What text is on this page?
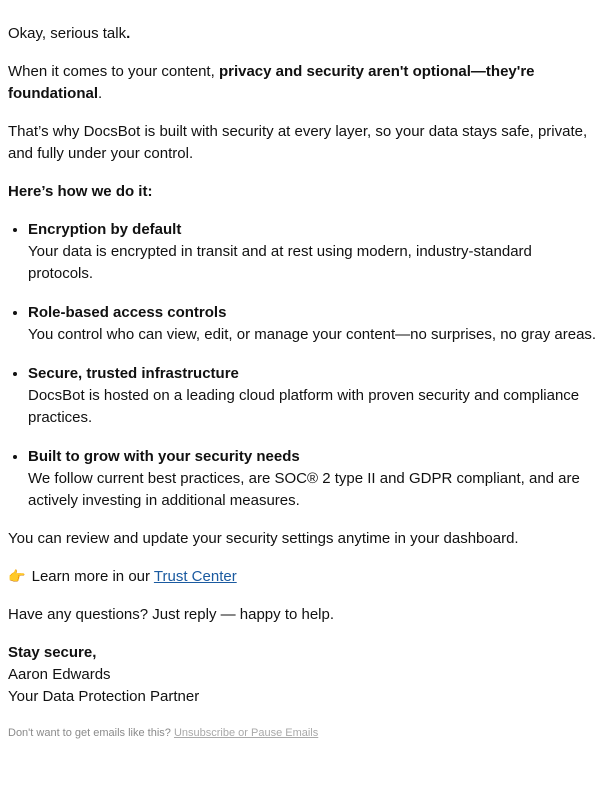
Okay, serious talk.

When it comes to your content, privacy and security aren't optional—they're foundational.

That’s why DocsBot is built with security at every layer, so your data stays safe, private, and fully under your control.

Here’s how we do it:

• Encryption by default
Your data is encrypted in transit and at rest using modern, industry-standard protocols.
• Role-based access controls
You control who can view, edit, or manage your content—no surprises, no gray areas.
• Secure, trusted infrastructure
DocsBot is hosted on a leading cloud platform with proven security and compliance practices.
• Built to grow with your security needs
We follow current best practices, are SOC® 2 type II and GDPR compliant, and are actively investing in additional measures.

You can review and update your security settings anytime in your dashboard.

👉 Learn more in our Trust Center

Have any questions? Just reply — happy to help.

Stay secure,
Aaron Edwards
Your Data Protection Partner
Don't want to get emails like this? Unsubscribe or Pause Emails
